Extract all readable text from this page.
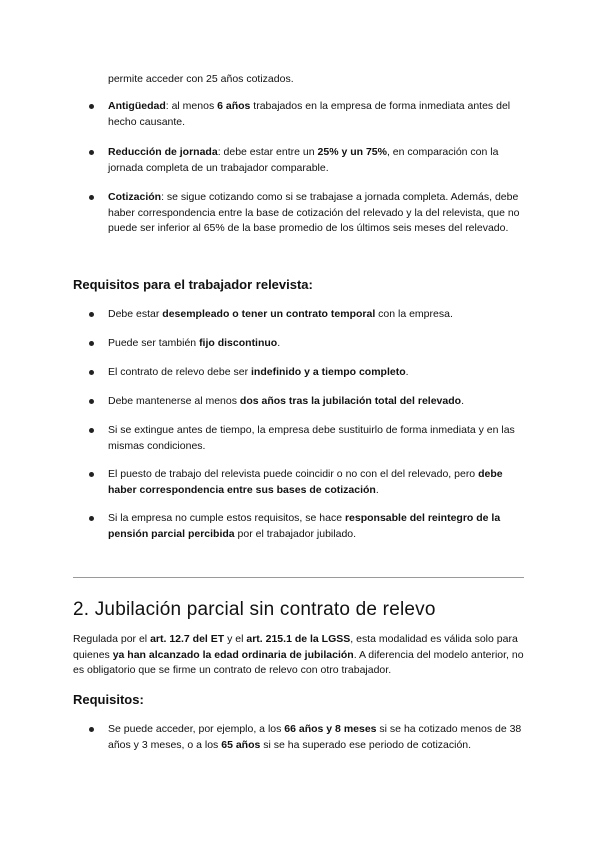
permite acceder con 25 años cotizados.
Antigüedad: al menos 6 años trabajados en la empresa de forma inmediata antes del hecho causante.
Reducción de jornada: debe estar entre un 25% y un 75%, en comparación con la jornada completa de un trabajador comparable.
Cotización: se sigue cotizando como si se trabajase a jornada completa. Además, debe haber correspondencia entre la base de cotización del relevado y la del relevista, que no puede ser inferior al 65% de la base promedio de los últimos seis meses del relevado.
Requisitos para el trabajador relevista:
Debe estar desempleado o tener un contrato temporal con la empresa.
Puede ser también fijo discontinuo.
El contrato de relevo debe ser indefinido y a tiempo completo.
Debe mantenerse al menos dos años tras la jubilación total del relevado.
Si se extingue antes de tiempo, la empresa debe sustituirlo de forma inmediata y en las mismas condiciones.
El puesto de trabajo del relevista puede coincidir o no con el del relevado, pero debe haber correspondencia entre sus bases de cotización.
Si la empresa no cumple estos requisitos, se hace responsable del reintegro de la pensión parcial percibida por el trabajador jubilado.
2. Jubilación parcial sin contrato de relevo
Regulada por el art. 12.7 del ET y el art. 215.1 de la LGSS, esta modalidad es válida solo para quienes ya han alcanzado la edad ordinaria de jubilación. A diferencia del modelo anterior, no es obligatorio que se firme un contrato de relevo con otro trabajador.
Requisitos:
Se puede acceder, por ejemplo, a los 66 años y 8 meses si se ha cotizado menos de 38 años y 3 meses, o a los 65 años si se ha superado ese periodo de cotización.
